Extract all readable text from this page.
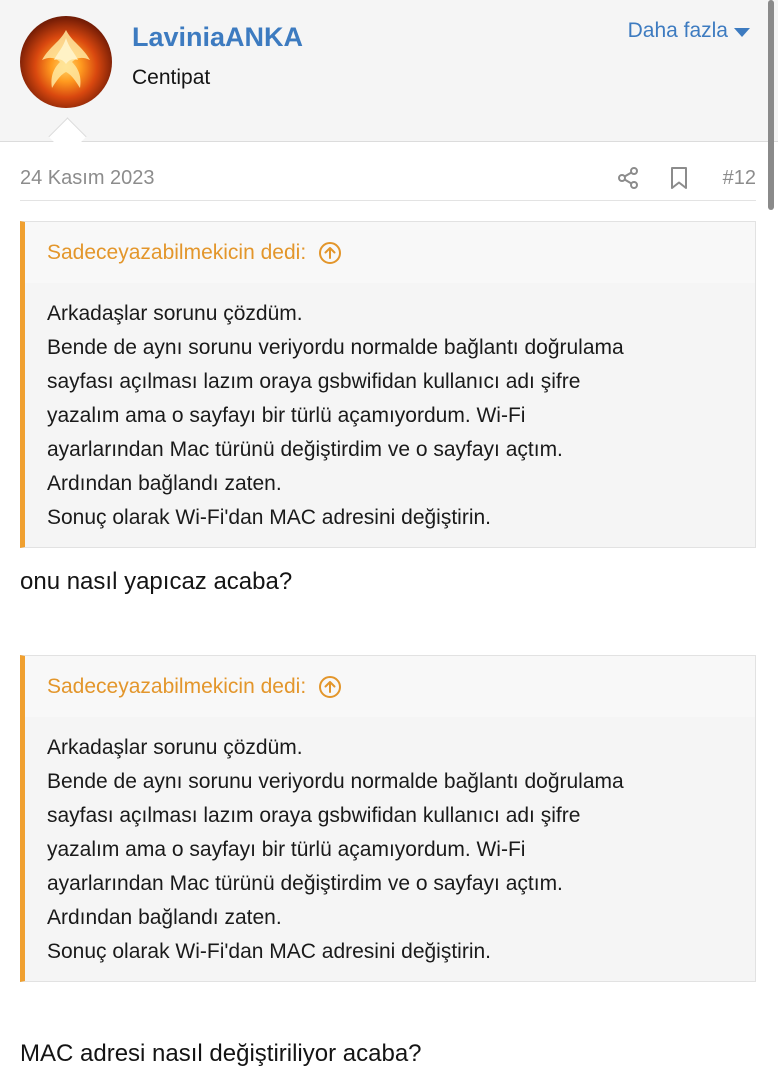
LaviniaANKA
Centipat
Daha fazla
24 Kasım 2023	#12
Sadeceyazabilmekicin dedi:
Arkadaşlar sorunu çözdüm.
Bende de aynı sorunu veriyordu normalde bağlantı doğrulama
sayfası açılması lazım oraya gsbwifidan kullanıcı adı şifre
yazalım ama o sayfayı bir türlü açamıyordum. Wi-Fi
ayarlarından Mac türünü değiştirdim ve o sayfayı açtım.
Ardından bağlandı zaten.
Sonuç olarak Wi-Fi'dan MAC adresini değiştirin.
onu nasıl yapıcaz acaba?
Sadeceyazabilmekicin dedi:
Arkadaşlar sorunu çözdüm.
Bende de aynı sorunu veriyordu normalde bağlantı doğrulama
sayfası açılması lazım oraya gsbwifidan kullanıcı adı şifre
yazalım ama o sayfayı bir türlü açamıyordum. Wi-Fi
ayarlarından Mac türünü değiştirdim ve o sayfayı açtım.
Ardından bağlandı zaten.
Sonuç olarak Wi-Fi'dan MAC adresini değiştirin.
MAC adresi nasıl değiştiriliyor acaba?
